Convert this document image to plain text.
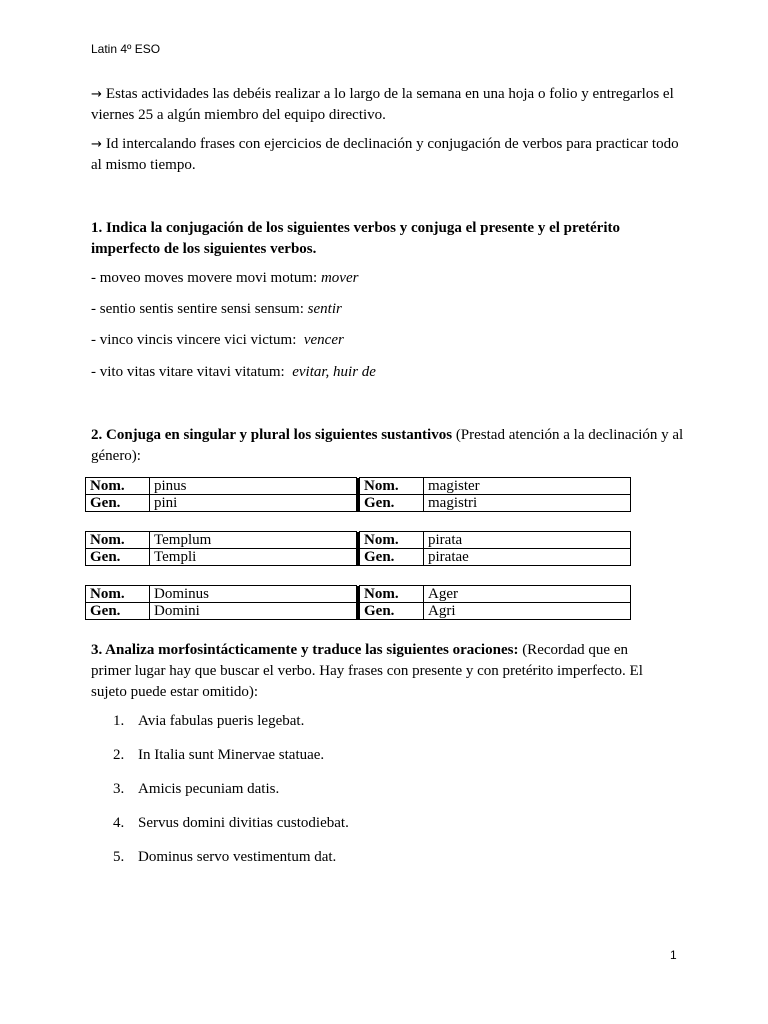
Latin 4º ESO

→ Estas actividades las debéis realizar a lo largo de la semana en una hoja o folio y entregarlos el viernes 25 a algún miembro del equipo directivo.

→ Id intercalando frases con ejercicios de declinación y conjugación de verbos para practicar todo al mismo tiempo.

1. Indica la conjugación de los siguientes verbos y conjuga el presente y el pretérito imperfecto de los siguientes verbos.

- moveo moves movere movi motum: mover

- sentio sentis sentire sensi sensum: sentir

- vinco vincis vincere vici victum: vencer

- vito vitas vitare vitavi vitatum: evitar, huir de

2. Conjuga en singular y plural los siguientes sustantivos (Prestad atención a la declinación y al género):

Nom.	pinus		Nom.	magister
Gen.	pini		Gen.	magistri
Nom.	Templum		Nom.	pirata
Gen.	Templi		Gen.	piratae
Nom.	Dominus		Nom.	Ager
Gen.	Domini		Gen.	Agri

3. Analiza morfosintácticamente y traduce las siguientes oraciones: (Recordad que en primer lugar hay que buscar el verbo. Hay frases con presente y con pretérito imperfecto. El sujeto puede estar omitido):

1. Avia fabulas pueris legebat.
2. In Italia sunt Minervae statuae.
3. Amicis pecuniam datis.
4. Servus domini divitias custodiebat.
5. Dominus servo vestimentum dat.
1
